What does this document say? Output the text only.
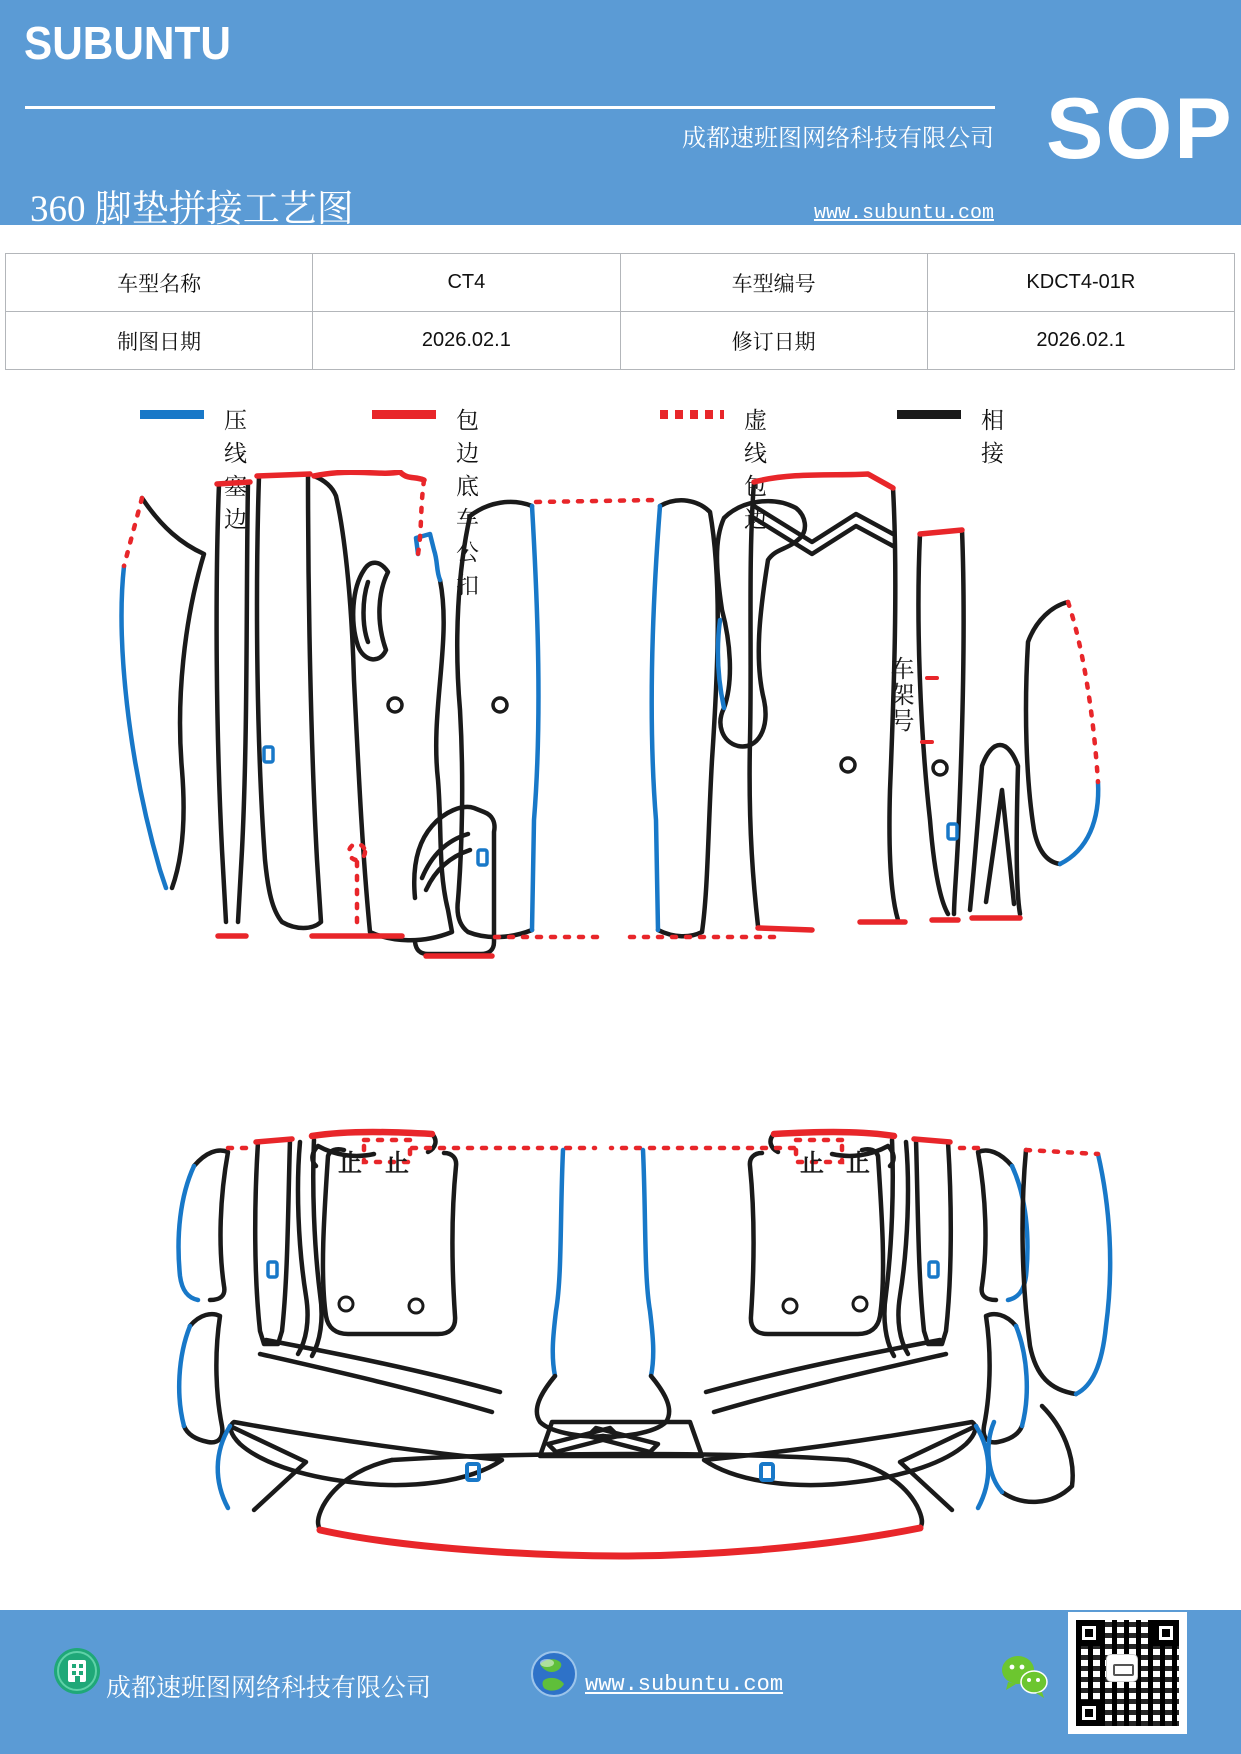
SUBUNTU
360 脚垫拼接工艺图
成都速班图网络科技有限公司
www.subuntu.com
Subuntu2026@163.com
SOP
车型名称	CT4	车型编号	KDCT4-01R
制图日期	2026.02.1	修订日期	2026.02.1
压线塞边
包边底车公扣
虚线包边
相接
车架号
止 止	止 止
成都速班图网络科技有限公司	www.subuntu.com
